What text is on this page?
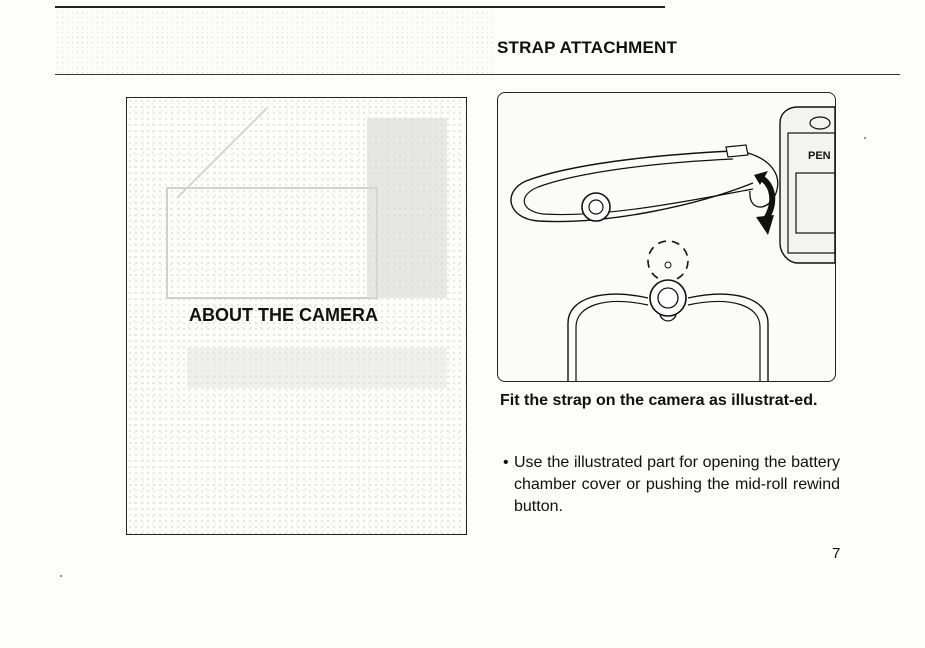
STRAP ATTACHMENT
ABOUT THE CAMERA
PEN
Fit the strap on the camera as illustrat-ed.
• Use the illustrated part for opening the battery chamber cover or pushing the mid-roll rewind button.
7
